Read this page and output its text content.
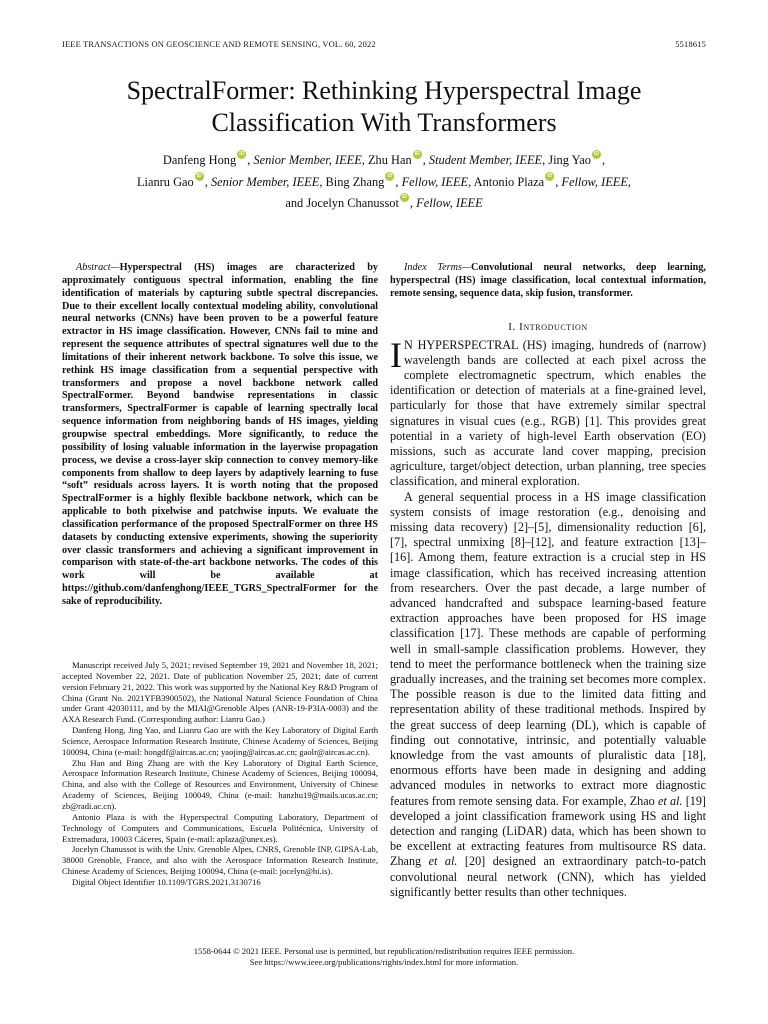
IEEE TRANSACTIONS ON GEOSCIENCE AND REMOTE SENSING, VOL. 60, 2022	5518615
SpectralFormer: Rethinking Hyperspectral Image
Classification With Transformers
Danfeng Hong iD , Senior Member, IEEE, Zhu Han iD , Student Member, IEEE, Jing Yao iD ,
Lianru Gao iD , Senior Member, IEEE, Bing Zhang iD , Fellow, IEEE, Antonio Plaza iD , Fellow, IEEE,
and Jocelyn Chanussot iD , Fellow, IEEE
Abstract—Hyperspectral (HS) images are characterized by approximately contiguous spectral information, enabling the fine identification of materials by capturing subtle spectral discrepancies. Due to their excellent locally contextual modeling ability, convolutional neural networks (CNNs) have been proven to be a powerful feature extractor in HS image classification. However, CNNs fail to mine and represent the sequence attributes of spectral signatures well due to the limitations of their inherent network backbone. To solve this issue, we rethink HS image classification from a sequential perspective with transformers and propose a novel backbone network called SpectralFormer. Beyond bandwise representations in classic transformers, SpectralFormer is capable of learning spectrally local sequence information from neighboring bands of HS images, yielding groupwise spectral embeddings. More significantly, to reduce the possibility of losing valuable information in the layerwise propagation process, we devise a cross-layer skip connection to convey memory-like components from shallow to deep layers by adaptively learning to fuse “soft” residuals across layers. It is worth noting that the proposed SpectralFormer is a highly flexible backbone network, which can be applicable to both pixelwise and patchwise inputs. We evaluate the classification performance of the proposed SpectralFormer on three HS datasets by conducting extensive experiments, showing the superiority over classic transformers and achieving a significant improvement in comparison with state-of-the-art backbone networks. The codes of this work will be available at https://github.com/danfenghong/IEEE_TGRS_SpectralFormer for the sake of reproducibility.

Manuscript received July 5, 2021; revised September 19, 2021 and November 18, 2021; accepted November 22, 2021. Date of publication November 25, 2021; date of current version February 21, 2022. This work was supported by the National Key R&D Program of China (Grant No. 2021YFB3900502), the National Natural Science Foundation of China under Grant 42030111, and by the MIAI@Grenoble Alpes (ANR-19-P3IA-0003) and the AXA Research Fund. (Corresponding author: Lianru Gao.)

Danfeng Hong, Jing Yao, and Lianru Gao are with the Key Laboratory of Digital Earth Science, Aerospace Information Research Institute, Chinese Academy of Sciences, Beijing 100094, China (e-mail: hongdf@aircas.ac.cn; yaojing@aircas.ac.cn; gaolr@aircas.ac.cn).

Zhu Han and Bing Zhang are with the Key Laboratory of Digital Earth Science, Aerospace Information Research Institute, Chinese Academy of Sciences, Beijing 100094, China, and also with the College of Resources and Environment, University of Chinese Academy of Sciences, Beijing 100049, China (e-mail: hanzhu19@mails.ucas.ac.cn; zb@radi.ac.cn).

Antonio Plaza is with the Hyperspectral Computing Laboratory, Department of Technology of Computers and Communications, Escuela Politécnica, University of Extremadura, 10003 Cáceres, Spain (e-mail: aplaza@unex.es).

Jocelyn Chanussot is with the Univ. Grenoble Alpes, CNRS, Grenoble INP, GIPSA-Lab, 38000 Grenoble, France, and also with the Aerospace Information Research Institute, Chinese Academy of Sciences, Beijing 100094, China (e-mail: jocelyn@hi.is).

Digital Object Identifier 10.1109/TGRS.2021.3130716

Index Terms—Convolutional neural networks, deep learning, hyperspectral (HS) image classification, local contextual information, remote sensing, sequence data, skip fusion, transformer.
I. Introduction

I N HYPERSPECTRAL (HS) imaging, hundreds of (narrow) wavelength bands are collected at each pixel across the complete electromagnetic spectrum, which enables the identification or detection of materials at a fine-grained level, particularly for those that have extremely similar spectral signatures in visual cues (e.g., RGB) [1]. This provides great potential in a variety of high-level Earth observation (EO) missions, such as accurate land cover mapping, precision agriculture, target/object detection, urban planning, tree species classification, and mineral exploration.

A general sequential process in a HS image classification system consists of image restoration (e.g., denoising and missing data recovery) [2]–[5], dimensionality reduction [6], [7], spectral unmixing [8]–[12], and feature extraction [13]–[16]. Among them, feature extraction is a crucial step in HS image classification, which has received increasing attention from researchers. Over the past decade, a large number of advanced handcrafted and subspace learning-based feature extraction approaches have been proposed for HS image classification [17]. These methods are capable of performing well in small-sample classification problems. However, they tend to meet the performance bottleneck when the training size gradually increases, and the training set becomes more complex. The possible reason is due to the limited data fitting and representation ability of these traditional methods. Inspired by the great success of deep learning (DL), which is capable of finding out connotative, intrinsic, and potentially valuable knowledge from the vast amounts of pluralistic data [18], enormous efforts have been made in designing and adding advanced modules in networks to extract more diagnostic features from remote sensing data. For example, Zhao et al. [19] developed a joint classification framework using HS and light detection and ranging (LiDAR) data, which has been shown to be excellent at extracting features from multisource RS data. Zhang et al. [20] designed an extraordinary patch-to-patch convolutional neural network (CNN), which has yielded significantly better results than other techniques.

1558-0644 © 2021 IEEE. Personal use is permitted, but republication/redistribution requires IEEE permission.
See https://www.ieee.org/publications/rights/index.html for more information.
